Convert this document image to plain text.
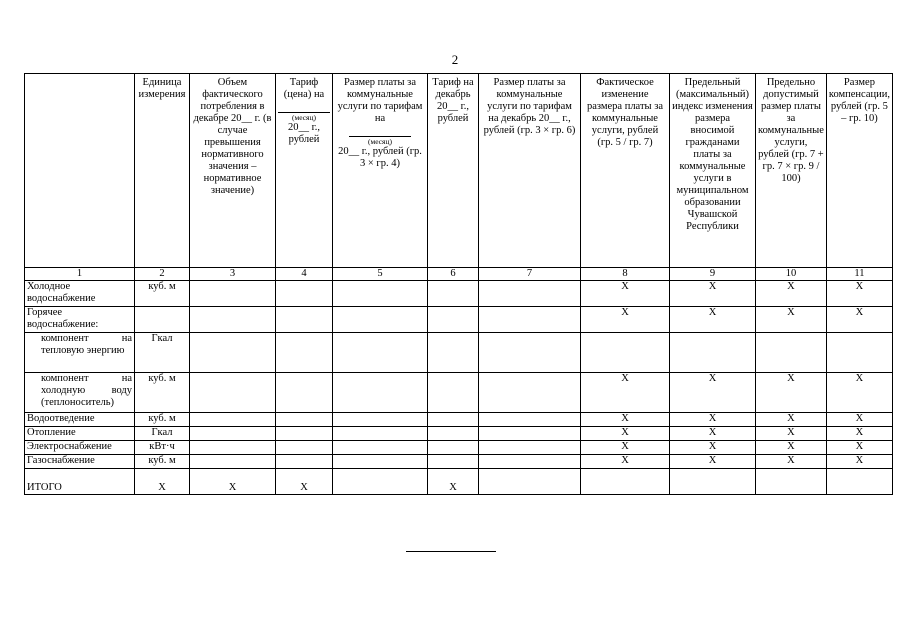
2
	Единица измерения	Объем фактического потребления в декабре 20__ г. (в случае превышения нормативного значения – нормативное значение)	Тариф (цена) на

(месяц)
20__ г., рублей	Размер платы за коммунальные услуги по тарифам на

(месяц)
20__ г., рублей (гр. 3 × гр. 4)	Тариф на декабрь 20__ г., рублей	Размер платы за коммунальные услуги по тарифам на декабрь 20__ г., рублей (гр. 3 × гр. 6)	Фактическое изменение размера платы за коммунальные услуги, рублей (гр. 5 / гр. 7)	Предельный (максимальный) индекс изменения размера вносимой гражданами платы за коммунальные услуги в муниципальном образовании Чувашской Республики	Предельно допустимый размер платы за коммунальные услуги, рублей (гр. 7 + гр. 7 × гр. 9 / 100)	Размер компенсации, рублей (гр. 5 – гр. 10)
1	2	3	4	5	6	7	8	9	10	11
Холодное водоснабжение	куб. м						X	X	X	X
Горячее водоснабжение:							X	X	X	X
компонент на тепловую энергию	Гкал									
компонент на холодную воду (теплоноситель)	куб. м						X	X	X	X
Водоотведение	куб. м						X	X	X	X
Отопление	Гкал						X	X	X	X
Электроснабжение	кВт·ч						X	X	X	X
Газоснабжение	куб. м						X	X	X	X
ИТОГО	X	X	X		X					
